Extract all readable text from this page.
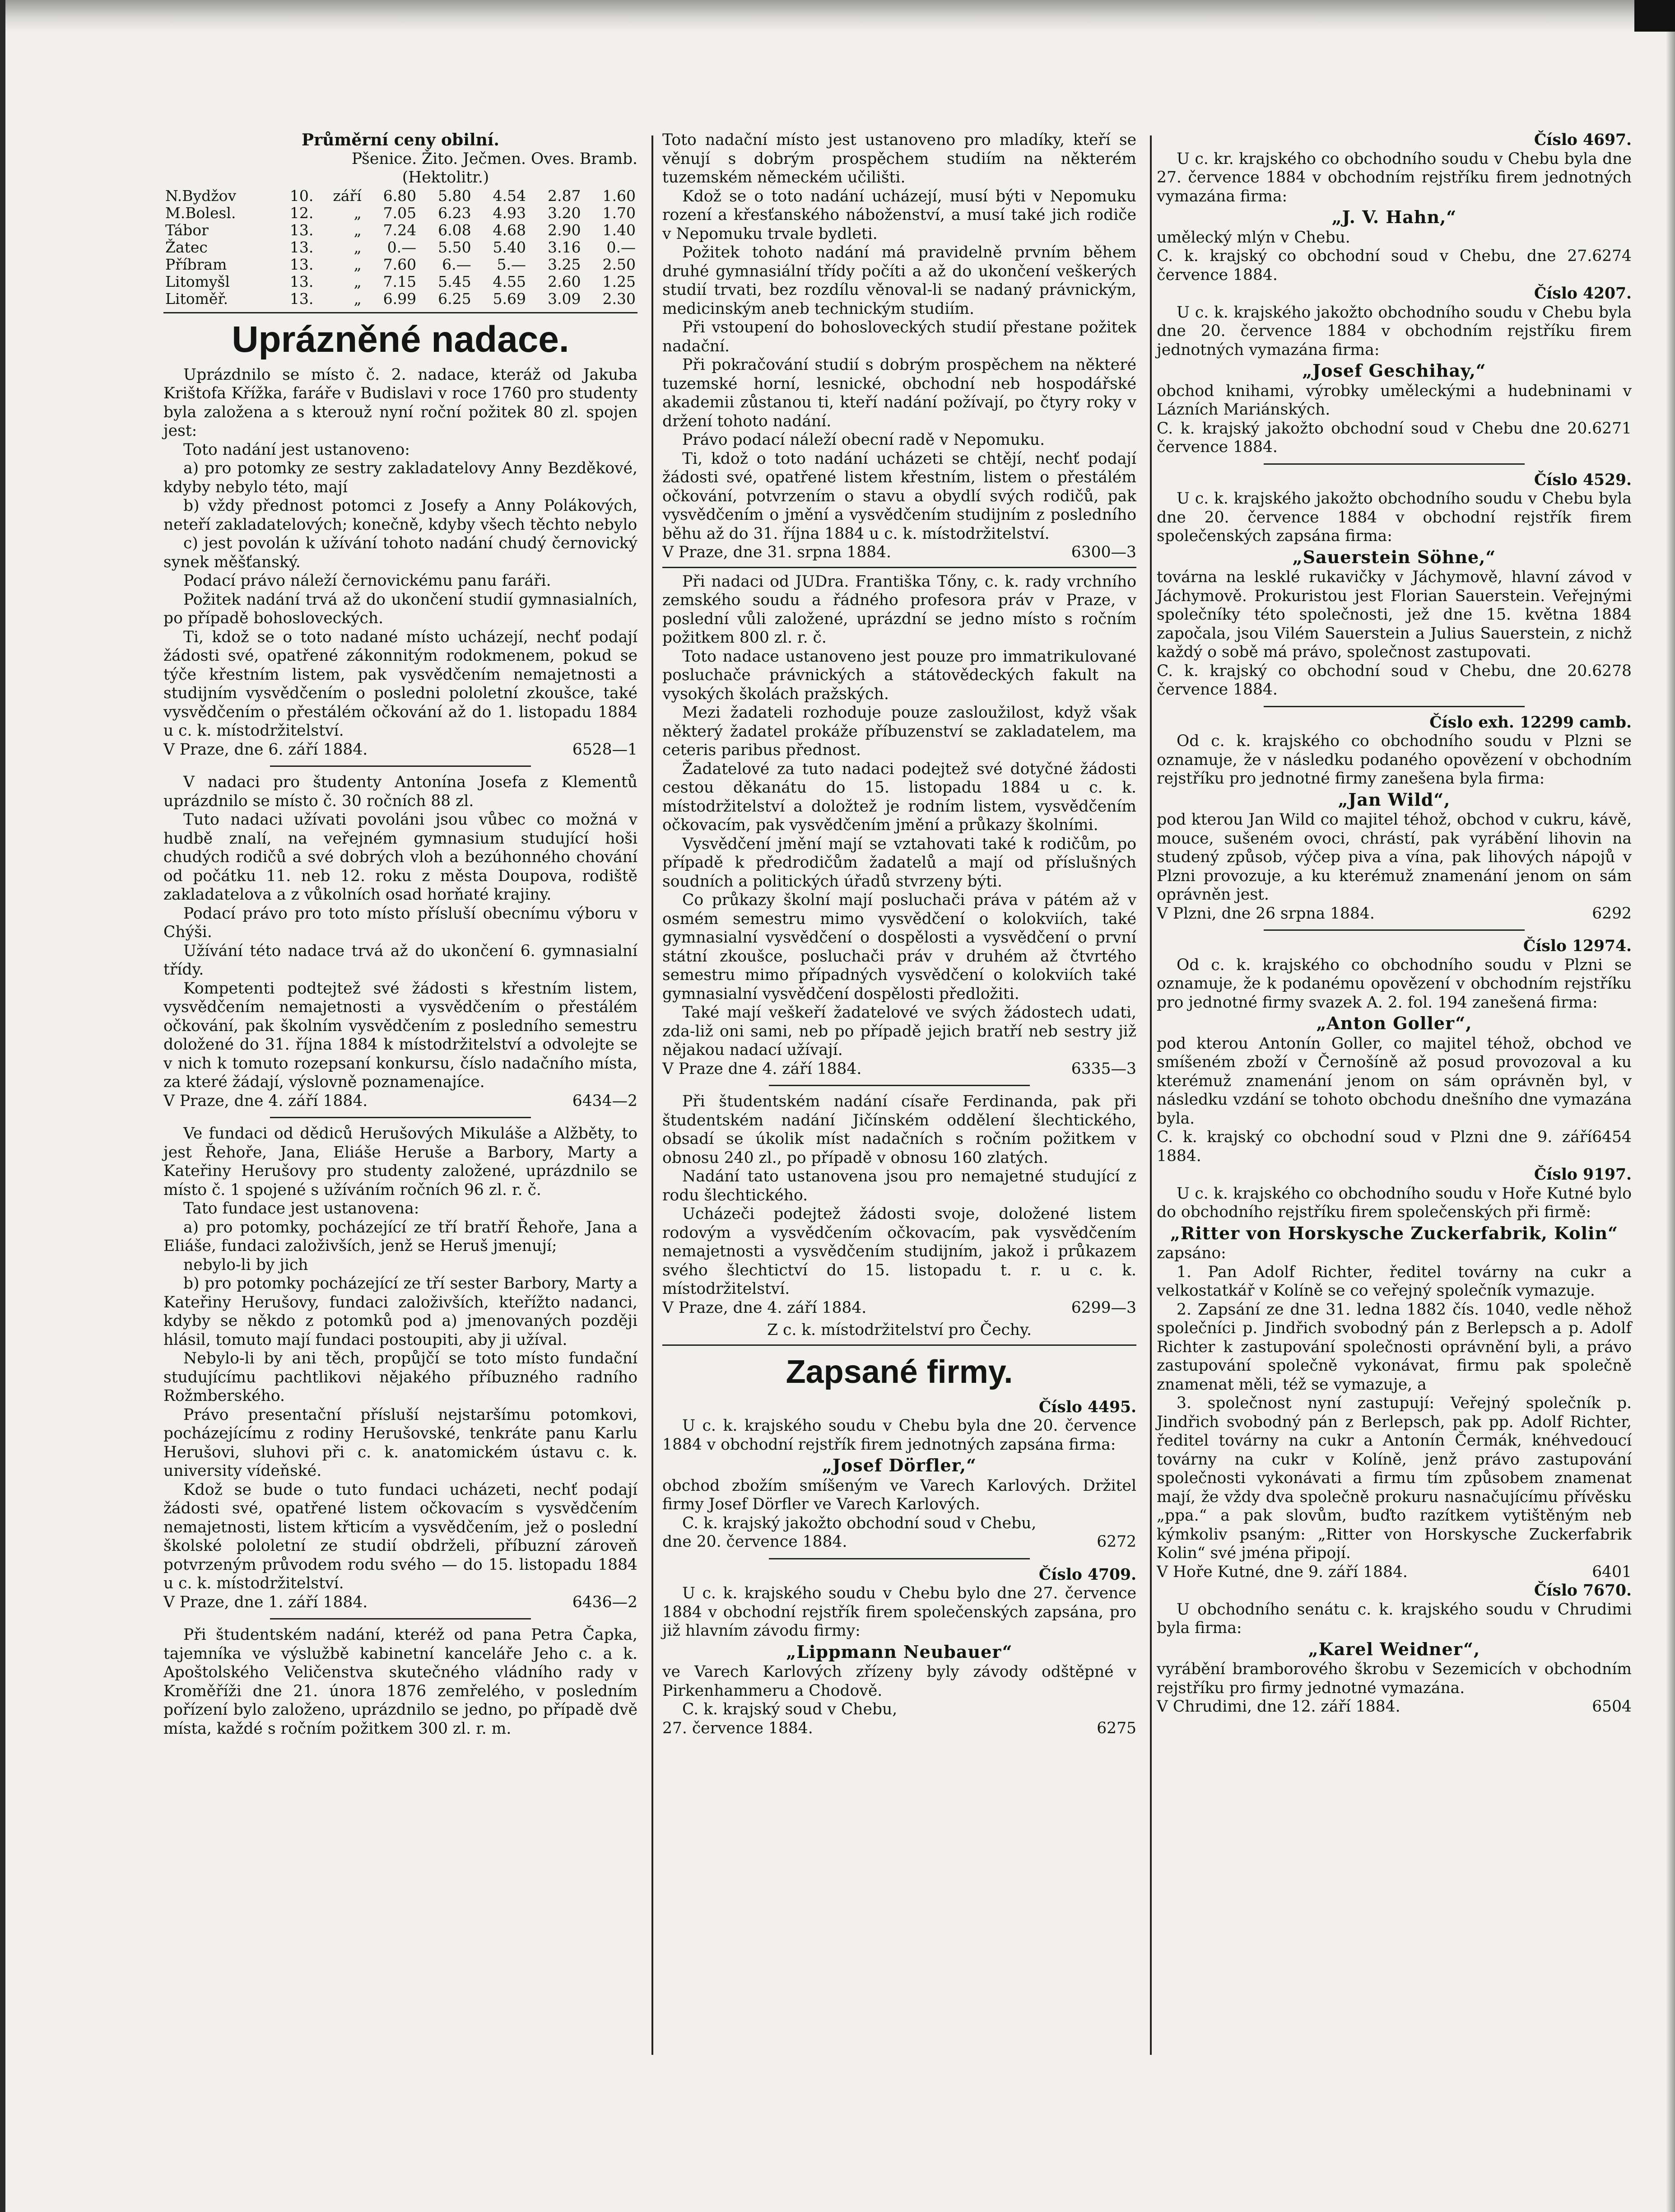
Průměrní ceny obilní.
Pšenice. Žito. Ječmen. Oves. Bramb.
(Hektolitr.)
N.Bydžov	10.	září	6.80	5.80	4.54	2.87	1.60
M.Bolesl.	12.	„	7.05	6.23	4.93	3.20	1.70
Tábor	13.	„	7.24	6.08	4.68	2.90	1.40
Žatec	13.	„	0.—	5.50	5.40	3.16	0.—
Příbram	13.	„	7.60	6.—	5.—	3.25	2.50
Litomyšl	13.	„	7.15	5.45	4.55	2.60	1.25
Litoměř.	13.	„	6.99	6.25	5.69	3.09	2.30
Uprázněné nadace.

Uprázdnilo se místo č. 2. nadace, kteráž od Jakuba Krištofa Křížka, faráře v Budislavi v roce 1760 pro studenty byla založena a s kterouž nyní roční požitek 80 zl. spojen jest:

Toto nadání jest ustanoveno:

a) pro potomky ze sestry zakladatelovy Anny Bezděkové, kdyby nebylo této, mají

b) vždy přednost potomci z Josefy a Anny Polákových, neteří zakladatelových; konečně, kdyby všech těchto nebylo

c) jest povolán k užívání tohoto nadání chudý černovický synek měšťanský.

Podací právo náleží černovickému panu faráři.

Požitek nadání trvá až do ukončení studií gymnasialních, po případě bohosloveckých.

Ti, kdož se o toto nadané místo ucházejí, nechť podají žádosti své, opatřené zákonnitým rodokmenem, pokud se týče křestním listem, pak vysvědčením nemajetnosti a studijním vysvědčením o posledni pololetní zkoušce, také vysvědčením o přestálém očkování až do 1. listopadu 1884 u c. k. místodržitelství.

V Praze, dne 6. září 1884.	6528—1

V nadaci pro študenty Antonína Josefa z Klementů uprázdnilo se místo č. 30 ročních 88 zl.

Tuto nadaci užívati povoláni jsou vůbec co možná v hudbě znalí, na veřejném gymnasium studující hoši chudých rodičů a své dobrých vloh a bezúhonného chování od počátku 11. neb 12. roku z města Doupova, rodiště zakladatelova a z vůkolních osad horňaté krajiny.

Podací právo pro toto místo přísluší obecnímu výboru v Chýši.

Užívání této nadace trvá až do ukončení 6. gymnasialní třídy.

Kompetenti podtejtež své žádosti s křestním listem, vysvědčením nemajetnosti a vysvědčením o přestálém očkování, pak školním vysvědčením z posledního semestru doložené do 31. října 1884 k místodržitelství a odvolejte se v nich k tomuto rozepsaní konkursu, číslo nadačního místa, za které žádají, výslovně poznamenajíce.

V Praze, dne 4. září 1884.	6434—2

Ve fundaci od dědiců Herušových Mikuláše a Alžběty, to jest Řehoře, Jana, Eliáše Heruše a Barbory, Marty a Kateřiny Herušovy pro studenty založené, uprázdnilo se místo č. 1 spojené s užíváním ročních 96 zl. r. č.

Tato fundace jest ustanovena:

a) pro potomky, pocházející ze tří bratří Řehoře, Jana a Eliáše, fundaci založivších, jenž se Heruš jmenují;

nebylo-li by jich

b) pro potomky pocházející ze tří sester Barbory, Marty a Kateřiny Herušovy, fundaci založivších, kteřížto nadanci, kdyby se někdo z potomků pod a) jmenovaných později hlásil, tomuto mají fundaci postoupiti, aby ji užíval.

Nebylo-li by ani těch, propůjčí se toto místo fundační studujícímu pachtlikovi nějakého příbuzného radního Rožmberského.

Právo presentační přísluší nejstaršímu potomkovi, pocházejícímu z rodiny Herušovské, tenkráte panu Karlu Herušovi, sluhovi při c. k. anatomickém ústavu c. k. university vídeňské.

Kdož se bude o tuto fundaci ucházeti, nechť podají žádosti své, opatřené listem očkovacím s vysvědčením nemajetnosti, listem křticím a vysvědčením, jež o poslední školské pololetní ze studií obdrželi, příbuzní zároveň potvrzeným průvodem rodu svého — do 15. listopadu 1884 u c. k. místodržitelství.

V Praze, dne 1. září 1884.	6436—2

Při študentském nadání, kteréž od pana Petra Čapka, tajemníka ve výslužbě kabinetní kanceláře Jeho c. a k. Apoštolského Veličenstva skutečného vládního rady v Kroměříži dne 21. února 1876 zemřelého, v posledním pořízení bylo založeno, uprázdnilo se jedno, po případě dvě místa, každé s ročním požitkem 300 zl. r. m.

Toto nadační místo jest ustanoveno pro mladíky, kteří se věnují s dobrým prospěchem studiím na některém tuzemském německém učilišti.

Kdož se o toto nadání ucházejí, musí býti v Nepomuku rození a křesťanského náboženství, a musí také jich rodiče v Nepomuku trvale bydleti.

Požitek tohoto nadání má pravidelně prvním během druhé gymnasiální třídy počíti a až do ukončení veškerých studií trvati, bez rozdílu věnoval-li se nadaný právnickým, medicinským aneb technickým studiím.

Při vstoupení do bohosloveckých studií přestane požitek nadační.

Při pokračování studií s dobrým prospěchem na některé tuzemské horní, lesnické, obchodní neb hospodářské akademii zůstanou ti, kteří nadání požívají, po čtyry roky v držení tohoto nadání.

Právo podací náleží obecní radě v Nepomuku.

Ti, kdož o toto nadání ucházeti se chtějí, nechť podají žádosti své, opatřené listem křestním, listem o přestálém očkování, potvrzením o stavu a obydlí svých rodičů, pak vysvědčením o jmění a vysvědčením studijním z posledního běhu až do 31. října 1884 u c. k. místodržitelství.

V Praze, dne 31. srpna 1884.	6300—3

Při nadaci od JUDra. Františka Tőny, c. k. rady vrchního zemského soudu a řádného profesora práv v Praze, v poslední vůli založené, uprázdní se jedno místo s ročním požitkem 800 zl. r. č.

Toto nadace ustanoveno jest pouze pro immatrikulované posluchače právnických a státovědeckých fakult na vysokých školách pražských.

Mezi žadateli rozhoduje pouze zasloužilost, když však některý žadatel prokáže příbuzenství se zakladatelem, ma ceteris paribus přednost.

Žadatelové za tuto nadaci podejtež své dotyčné žádosti cestou děkanátu do 15. listopadu 1884 u c. k. místodržitelství a doložtež je rodním listem, vysvědčením očkovacím, pak vysvědčením jmění a průkazy školními.

Vysvědčení jmění mají se vztahovati také k rodičům, po případě k předrodičům žadatelů a mají od příslušných soudních a politických úřadů stvrzeny býti.

Co průkazy školní mají posluchači práva v pátém až v osmém semestru mimo vysvědčení o kolokviích, také gymnasialní vysvědčení o dospělosti a vysvědčení o první státní zkoušce, posluchači práv v druhém až čtvrtého semestru mimo případných vysvědčení o kolokviích také gymnasialní vysvědčení dospělosti předložiti.

Také mají veškeří žadatelové ve svých žádostech udati, zda-liž oni sami, neb po případě jejich bratří neb sestry již nějakou nadací užívají.

V Praze dne 4. září 1884.	6335—3

Při študentském nadání císaře Ferdinanda, pak při študentském nadání Jičínském oddělení šlechtického, obsadí se úkolik míst nadačních s ročním požitkem v obnosu 240 zl., po případě v obnosu 160 zlatých.

Nadání tato ustanovena jsou pro nemajetné studující z rodu šlechtického.

Ucházeči podejtež žádosti svoje, doložené listem rodovým a vysvědčením očkovacím, pak vysvědčením nemajetnosti a vysvědčením studijním, jakož i průkazem svého šlechtictví do 15. listopadu t. r. u c. k. místodržitelství.

V Praze, dne 4. září 1884.	6299—3
Z c. k. místodržitelství pro Čechy.
Zapsané firmy.
Číslo 4495.

U c. k. krajského soudu v Chebu byla dne 20. července 1884 v obchodní rejstřík firem jednotných zapsána firma:

„Josef Dörfler,“

obchod zbožím smíšeným ve Varech Karlových. Držitel firmy Josef Dörfler ve Varech Karlových.

C. k. krajský jakožto obchodní soud v Chebu,

dne 20. července 1884.	6272
Číslo 4709.

U c. k. krajského soudu v Chebu bylo dne 27. července 1884 v obchodní rejstřík firem společenských zapsána, pro již hlavním závodu firmy:

„Lippmann Neubauer“

ve Varech Karlových zřízeny byly závody odštěpné v Pirkenhammeru a Chodově.

C. k. krajský soud v Chebu,

27. července 1884.	6275
Číslo 4697.

U c. kr. krajského co obchodního soudu v Chebu byla dne 27. července 1884 v obchodním rejstříku firem jednotných vymazána firma:

„J. V. Hahn,“

umělecký mlýn v Chebu.

C. k. krajský co obchodní soud v Chebu, dne 27. července 1884.
6274
Číslo 4207.

U c. k. krajského jakožto obchodního soudu v Chebu byla dne 20. července 1884 v obchodním rejstříku firem jednotných vymazána firma:

„Josef Geschihay,“

obchod knihami, výrobky uměleckými a hudebninami v Lázních Mariánských.

C. k. krajský jakožto obchodní soud v Chebu dne 20. července 1884.
6271
Číslo 4529.

U c. k. krajského jakožto obchodního soudu v Chebu byla dne 20. července 1884 v obchodní rejstřík firem společenských zapsána firma:

„Sauerstein Söhne,“

továrna na lesklé rukavičky v Jáchymově, hlavní závod v Jáchymově. Prokuristou jest Florian Sauerstein. Veřejnými společníky této společnosti, jež dne 15. května 1884 započala, jsou Vilém Sauerstein a Julius Sauerstein, z nichž každý o sobě má právo, společnost zastupovati.

C. k. krajský co obchodní soud v Chebu, dne 20. července 1884.
6278
Číslo exh. 12299 camb.

Od c. k. krajského co obchodního soudu v Plzni se oznamuje, že v následku podaného opovězení v obchodním rejstříku pro jednotné firmy zanešena byla firma:

„Jan Wild“,

pod kterou Jan Wild co majitel téhož, obchod v cukru, kávě, mouce, sušeném ovoci, chrástí, pak vyrábění lihovin na studený způsob, výčep piva a vína, pak lihových nápojů v Plzni provozuje, a ku kterémuž znamenání jenom on sám oprávněn jest.

V Plzni, dne 26 srpna 1884.	6292
Číslo 12974.

Od c. k. krajského co obchodního soudu v Plzni se oznamuje, že k podanému opovězení v obchodním rejstříku pro jednotné firmy svazek A. 2. fol. 194 zanešená firma:

„Anton Goller“,

pod kterou Antonín Goller, co majitel téhož, obchod ve smíšeném zboží v Černošíně až posud provozoval a ku kterémuž znamenání jenom on sám oprávněn byl, v následku vzdání se tohoto obchodu dnešního dne vymazána byla.

C. k. krajský co obchodní soud v Plzni dne 9. září 1884.
6454
Číslo 9197.

U c. k. krajského co obchodního soudu v Hoře Kutné bylo do obchodního rejstříku firem společenských při firmě:

„Ritter von Horskysche Zuckerfabrik, Kolin“

zapsáno:

1. Pan Adolf Richter, ředitel továrny na cukr a velkostatkář v Kolíně se co veřejný společník vymazuje.

2. Zapsání ze dne 31. ledna 1882 čís. 1040, vedle něhož společníci p. Jindřich svobodný pán z Berlepsch a p. Adolf Richter k zastupování společnosti oprávnění byli, a právo zastupování společně vykonávat, firmu pak společně znamenat měli, též se vymazuje, a

3. společnost nyní zastupují: Veřejný společník p. Jindřich svobodný pán z Berlepsch, pak pp. Adolf Richter, ředitel továrny na cukr a Antonín Čermák, knéhvedoucí továrny na cukr v Kolíně, jenž právo zastupování společnosti vykonávati a firmu tím způsobem znamenat mají, že vždy dva společně prokuru nasnačujícímu přívěsku „ppa.“ a pak slovům, buďto razítkem vytištěným neb kýmkoliv psaným: „Ritter von Horskysche Zuckerfabrik Kolin“ své jména připojí.

V Hoře Kutné, dne 9. září 1884.	6401
Číslo 7670.

U obchodního senátu c. k. krajského soudu v Chrudimi byla firma:

„Karel Weidner“,

vyrábění bramborového škrobu v Sezemicích v obchodním rejstříku pro firmy jednotné vymazána.

V Chrudimi, dne 12. září 1884.	6504
